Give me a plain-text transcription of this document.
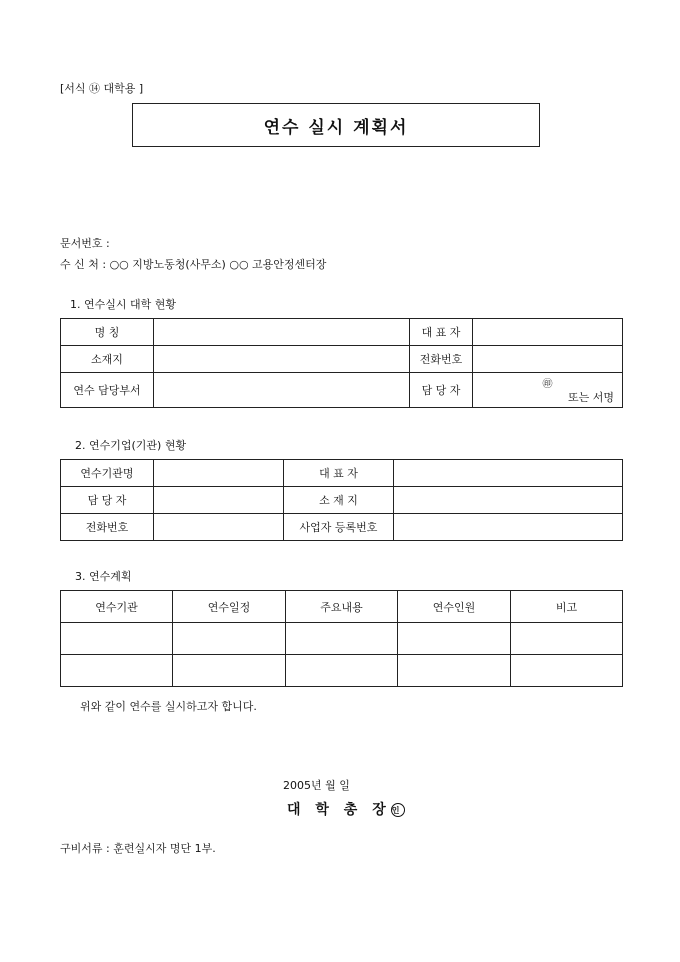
[서식 ⑭ 대학용 ]
연수 실시 계획서
문서번호 :
수 신 처 : ○○ 지방노동청(사무소) ○○ 고용안정센터장
1. 연수실시 대학 현황
명 칭		대 표 자	
소재지		전화번호	
연수 담당부서		담 당 자	㊞
또는 서명
2. 연수기업(기관) 현황
연수기관명		대 표 자	
담 당 자		소 재 지	
전화번호		사업자 등록번호	
3. 연수계획
연수기관	연수일정	주요내용	연수인원	비고

위와 같이 연수를 실시하고자 합니다.
2005년 월 일
대 학 총 장인
구비서류 : 훈련실시자 명단 1부.
